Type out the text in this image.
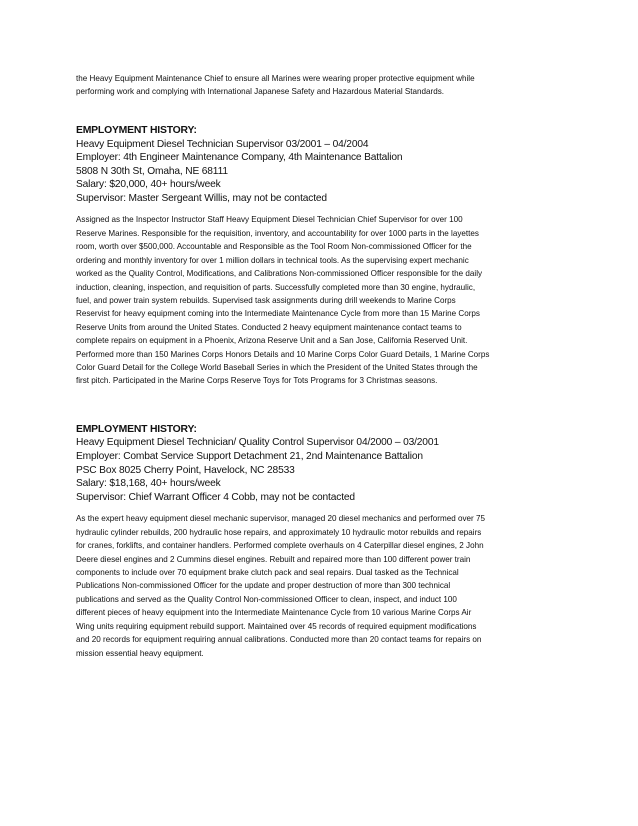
the Heavy Equipment Maintenance Chief to ensure all Marines were wearing proper protective equipment while
performing work and complying with International Japanese Safety and Hazardous Material Standards.

EMPLOYMENT HISTORY:

Heavy Equipment Diesel Technician Supervisor 03/2001 – 04/2004

Employer: 4th Engineer Maintenance Company, 4th Maintenance Battalion

5808 N 30th St, Omaha, NE 68111

Salary: $20,000, 40+ hours/week

Supervisor: Master Sergeant Willis, may not be contacted

Assigned as the Inspector Instructor Staff Heavy Equipment Diesel Technician Chief Supervisor for over 100
Reserve Marines. Responsible for the requisition, inventory, and accountability for over 1000 parts in the layettes
room, worth over $500,000. Accountable and Responsible as the Tool Room Non-commissioned Officer for the
ordering and monthly inventory for over 1 million dollars in technical tools. As the supervising expert mechanic
worked as the Quality Control, Modifications, and Calibrations Non-commissioned Officer responsible for the daily
induction, cleaning, inspection, and requisition of parts. Successfully completed more than 30 engine, hydraulic,
fuel, and power train system rebuilds. Supervised task assignments during drill weekends to Marine Corps
Reservist for heavy equipment coming into the Intermediate Maintenance Cycle from more than 15 Marine Corps
Reserve Units from around the United States. Conducted 2 heavy equipment maintenance contact teams to
complete repairs on equipment in a Phoenix, Arizona Reserve Unit and a San Jose, California Reserved Unit.
Performed more than 150 Marines Corps Honors Details and 10 Marine Corps Color Guard Details, 1 Marine Corps
Color Guard Detail for the College World Baseball Series in which the President of the United States through the
first pitch. Participated in the Marine Corps Reserve Toys for Tots Programs for 3 Christmas seasons.

EMPLOYMENT HISTORY:

Heavy Equipment Diesel Technician/ Quality Control Supervisor 04/2000 – 03/2001

Employer: Combat Service Support Detachment 21, 2nd Maintenance Battalion

PSC Box 8025 Cherry Point, Havelock, NC 28533

Salary: $18,168, 40+ hours/week

Supervisor: Chief Warrant Officer 4 Cobb, may not be contacted

As the expert heavy equipment diesel mechanic supervisor, managed 20 diesel mechanics and performed over 75
hydraulic cylinder rebuilds, 200 hydraulic hose repairs, and approximately 10 hydraulic motor rebuilds and repairs
for cranes, forklifts, and container handlers. Performed complete overhauls on 4 Caterpillar diesel engines, 2 John
Deere diesel engines and 2 Cummins diesel engines. Rebuilt and repaired more than 100 different power train
components to include over 70 equipment brake clutch pack and seal repairs. Dual tasked as the Technical
Publications Non-commissioned Officer for the update and proper destruction of more than 300 technical
publications and served as the Quality Control Non-commissioned Officer to clean, inspect, and induct 100
different pieces of heavy equipment into the Intermediate Maintenance Cycle from 10 various Marine Corps Air
Wing units requiring equipment rebuild support. Maintained over 45 records of required equipment modifications
and 20 records for equipment requiring annual calibrations. Conducted more than 20 contact teams for repairs on
mission essential heavy equipment.
